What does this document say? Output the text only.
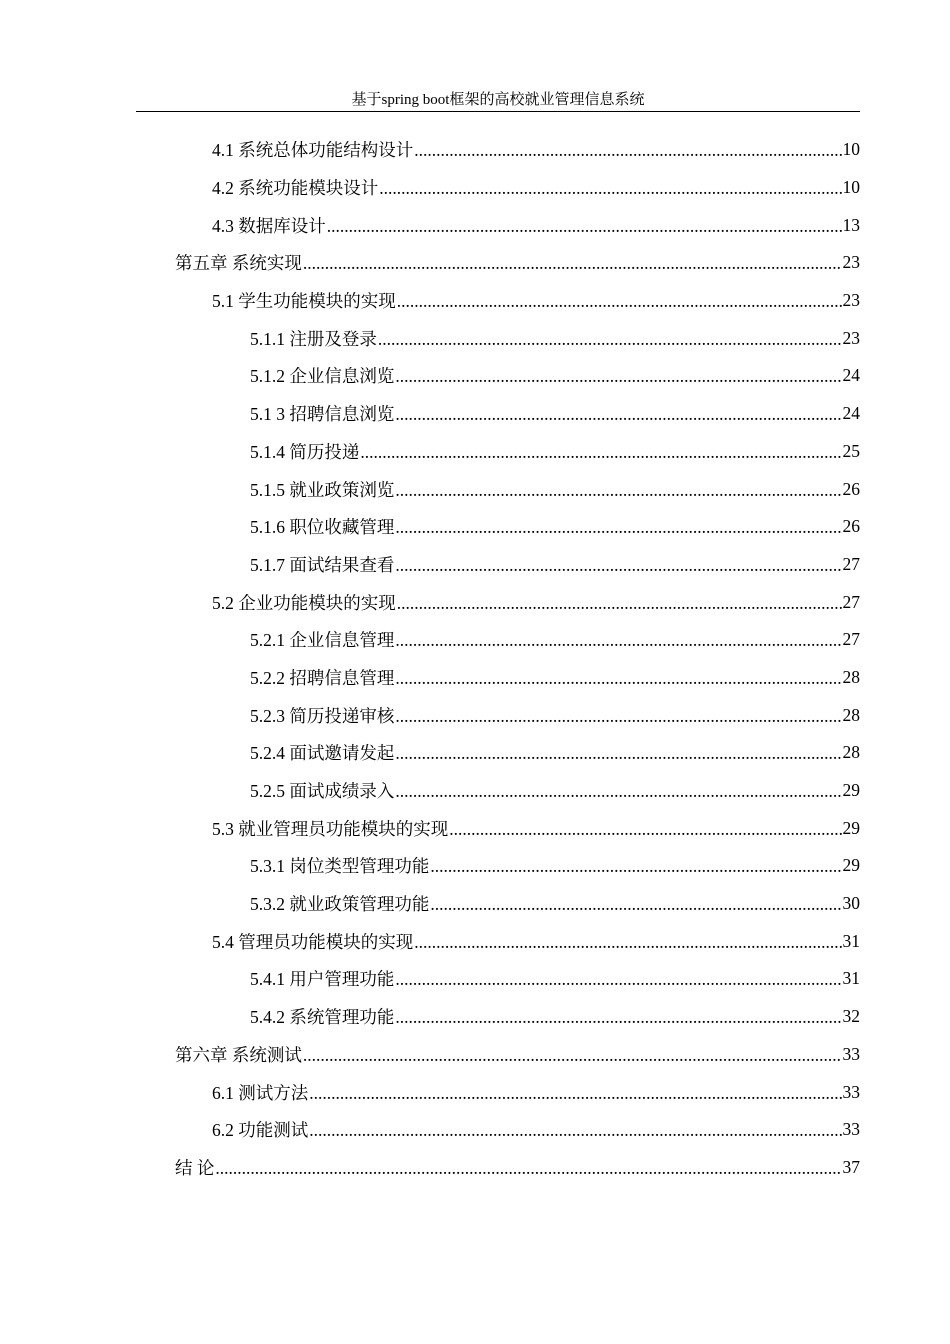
基于spring boot框架的高校就业管理信息系统
4.1 系统总体功能结构设计 .....	10
4.2 系统功能模块设计 .....	10
4.3 数据库设计 .....	13
第五章 系统实现 .....	23
5.1 学生功能模块的实现 .....	23
5.1.1 注册及登录 .....	23
5.1.2 企业信息浏览 .....	24
5.1 3 招聘信息浏览 .....	24
5.1.4 简历投递 .....	25
5.1.5 就业政策浏览 .....	26
5.1.6 职位收藏管理 .....	26
5.1.7 面试结果查看 .....	27
5.2 企业功能模块的实现 .....	27
5.2.1 企业信息管理 .....	27
5.2.2 招聘信息管理 .....	28
5.2.3 简历投递审核 .....	28
5.2.4 面试邀请发起 .....	28
5.2.5 面试成绩录入 .....	29
5.3 就业管理员功能模块的实现 .....	29
5.3.1 岗位类型管理功能 .....	29
5.3.2 就业政策管理功能 .....	30
5.4 管理员功能模块的实现 .....	31
5.4.1 用户管理功能 .....	31
5.4.2 系统管理功能 .....	32
第六章 系统测试 .....	33
6.1 测试方法 .....	33
6.2 功能测试 .....	33
结 论 .....	37
